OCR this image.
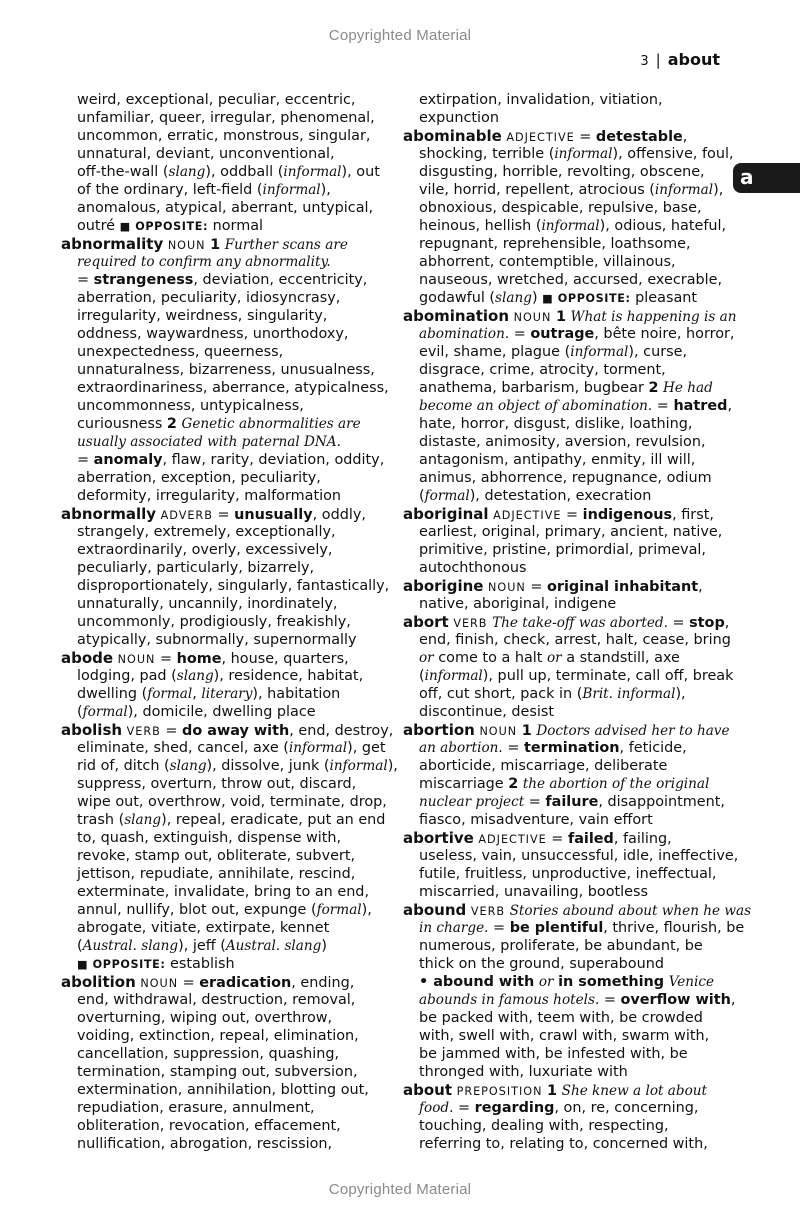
Copyrighted Material
3 | about
a
weird, exceptional, peculiar, eccentric,
unfamiliar, queer, irregular, phenomenal,
uncommon, erratic, monstrous, singular,
unnatural, deviant, unconventional,
off-the-wall (slang), oddball (informal), out
of the ordinary, left-field (informal),
anomalous, atypical, aberrant, untypical,
outré ■ OPPOSITE: normal
abnormality NOUN 1 Further scans are
required to confirm any abnormality.
= strangeness, deviation, eccentricity,
aberration, peculiarity, idiosyncrasy,
irregularity, weirdness, singularity,
oddness, waywardness, unorthodoxy,
unexpectedness, queerness,
unnaturalness, bizarreness, unusualness,
extraordinariness, aberrance, atypicalness,
uncommonness, untypicalness,
curiousness 2 Genetic abnormalities are
usually associated with paternal DNA.
= anomaly, flaw, rarity, deviation, oddity,
aberration, exception, peculiarity,
deformity, irregularity, malformation
abnormally ADVERB = unusually, oddly,
strangely, extremely, exceptionally,
extraordinarily, overly, excessively,
peculiarly, particularly, bizarrely,
disproportionately, singularly, fantastically,
unnaturally, uncannily, inordinately,
uncommonly, prodigiously, freakishly,
atypically, subnormally, supernormally
abode NOUN = home, house, quarters,
lodging, pad (slang), residence, habitat,
dwelling (formal, literary), habitation
(formal), domicile, dwelling place
abolish VERB = do away with, end, destroy,
eliminate, shed, cancel, axe (informal), get
rid of, ditch (slang), dissolve, junk (informal),
suppress, overturn, throw out, discard,
wipe out, overthrow, void, terminate, drop,
trash (slang), repeal, eradicate, put an end
to, quash, extinguish, dispense with,
revoke, stamp out, obliterate, subvert,
jettison, repudiate, annihilate, rescind,
exterminate, invalidate, bring to an end,
annul, nullify, blot out, expunge (formal),
abrogate, vitiate, extirpate, kennet
(Austral. slang), jeff (Austral. slang)
■ OPPOSITE: establish
abolition NOUN = eradication, ending,
end, withdrawal, destruction, removal,
overturning, wiping out, overthrow,
voiding, extinction, repeal, elimination,
cancellation, suppression, quashing,
termination, stamping out, subversion,
extermination, annihilation, blotting out,
repudiation, erasure, annulment,
obliteration, revocation, effacement,
nullification, abrogation, rescission,
extirpation, invalidation, vitiation,
expunction
abominable ADJECTIVE = detestable,
shocking, terrible (informal), offensive, foul,
disgusting, horrible, revolting, obscene,
vile, horrid, repellent, atrocious (informal),
obnoxious, despicable, repulsive, base,
heinous, hellish (informal), odious, hateful,
repugnant, reprehensible, loathsome,
abhorrent, contemptible, villainous,
nauseous, wretched, accursed, execrable,
godawful (slang) ■ OPPOSITE: pleasant
abomination NOUN 1 What is happening is an
abomination. = outrage, bête noire, horror,
evil, shame, plague (informal), curse,
disgrace, crime, atrocity, torment,
anathema, barbarism, bugbear 2 He had
become an object of abomination. = hatred,
hate, horror, disgust, dislike, loathing,
distaste, animosity, aversion, revulsion,
antagonism, antipathy, enmity, ill will,
animus, abhorrence, repugnance, odium
(formal), detestation, execration
aboriginal ADJECTIVE = indigenous, first,
earliest, original, primary, ancient, native,
primitive, pristine, primordial, primeval,
autochthonous
aborigine NOUN = original inhabitant,
native, aboriginal, indigene
abort VERB The take-off was aborted. = stop,
end, finish, check, arrest, halt, cease, bring
or come to a halt or a standstill, axe
(informal), pull up, terminate, call off, break
off, cut short, pack in (Brit. informal),
discontinue, desist
abortion NOUN 1 Doctors advised her to have
an abortion. = termination, feticide,
aborticide, miscarriage, deliberate
miscarriage 2 the abortion of the original
nuclear project = failure, disappointment,
fiasco, misadventure, vain effort
abortive ADJECTIVE = failed, failing,
useless, vain, unsuccessful, idle, ineffective,
futile, fruitless, unproductive, ineffectual,
miscarried, unavailing, bootless
abound VERB Stories abound about when he was
in charge. = be plentiful, thrive, flourish, be
numerous, proliferate, be abundant, be
thick on the ground, superabound
• abound with or in something Venice
abounds in famous hotels. = overflow with,
be packed with, teem with, be crowded
with, swell with, crawl with, swarm with,
be jammed with, be infested with, be
thronged with, luxuriate with
about PREPOSITION 1 She knew a lot about
food. = regarding, on, re, concerning,
touching, dealing with, respecting,
referring to, relating to, concerned with,
Copyrighted Material
